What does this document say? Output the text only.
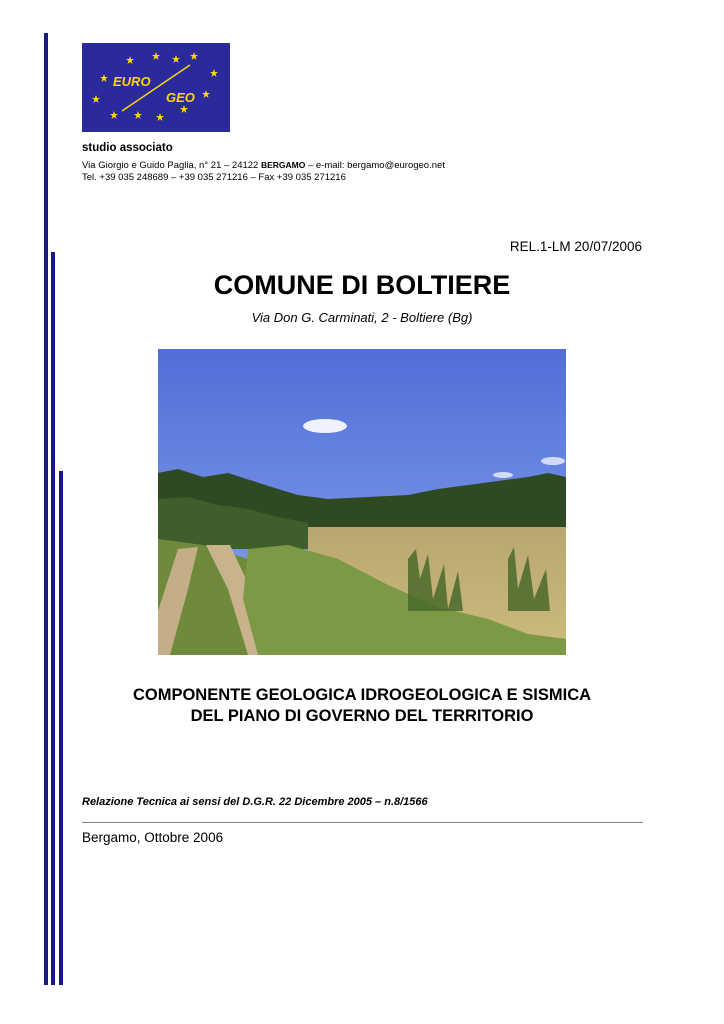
EURO
GEO
studio associato
Via Giorgio e Guido Paglia, n° 21 – 24122 BERGAMO – e-mail: bergamo@eurogeo.net
Tel. +39 035 248689 – +39 035 271216 – Fax +39 035 271216
REL.1-LM 20/07/2006
COMUNE DI BOLTIERE
Via Don G. Carminati, 2 - Boltiere (Bg)
COMPONENTE GEOLOGICA IDROGEOLOGICA E SISMICA
DEL PIANO DI GOVERNO DEL TERRITORIO
Relazione Tecnica ai sensi del D.G.R. 22 Dicembre 2005 – n.8/1566
Bergamo, Ottobre 2006
